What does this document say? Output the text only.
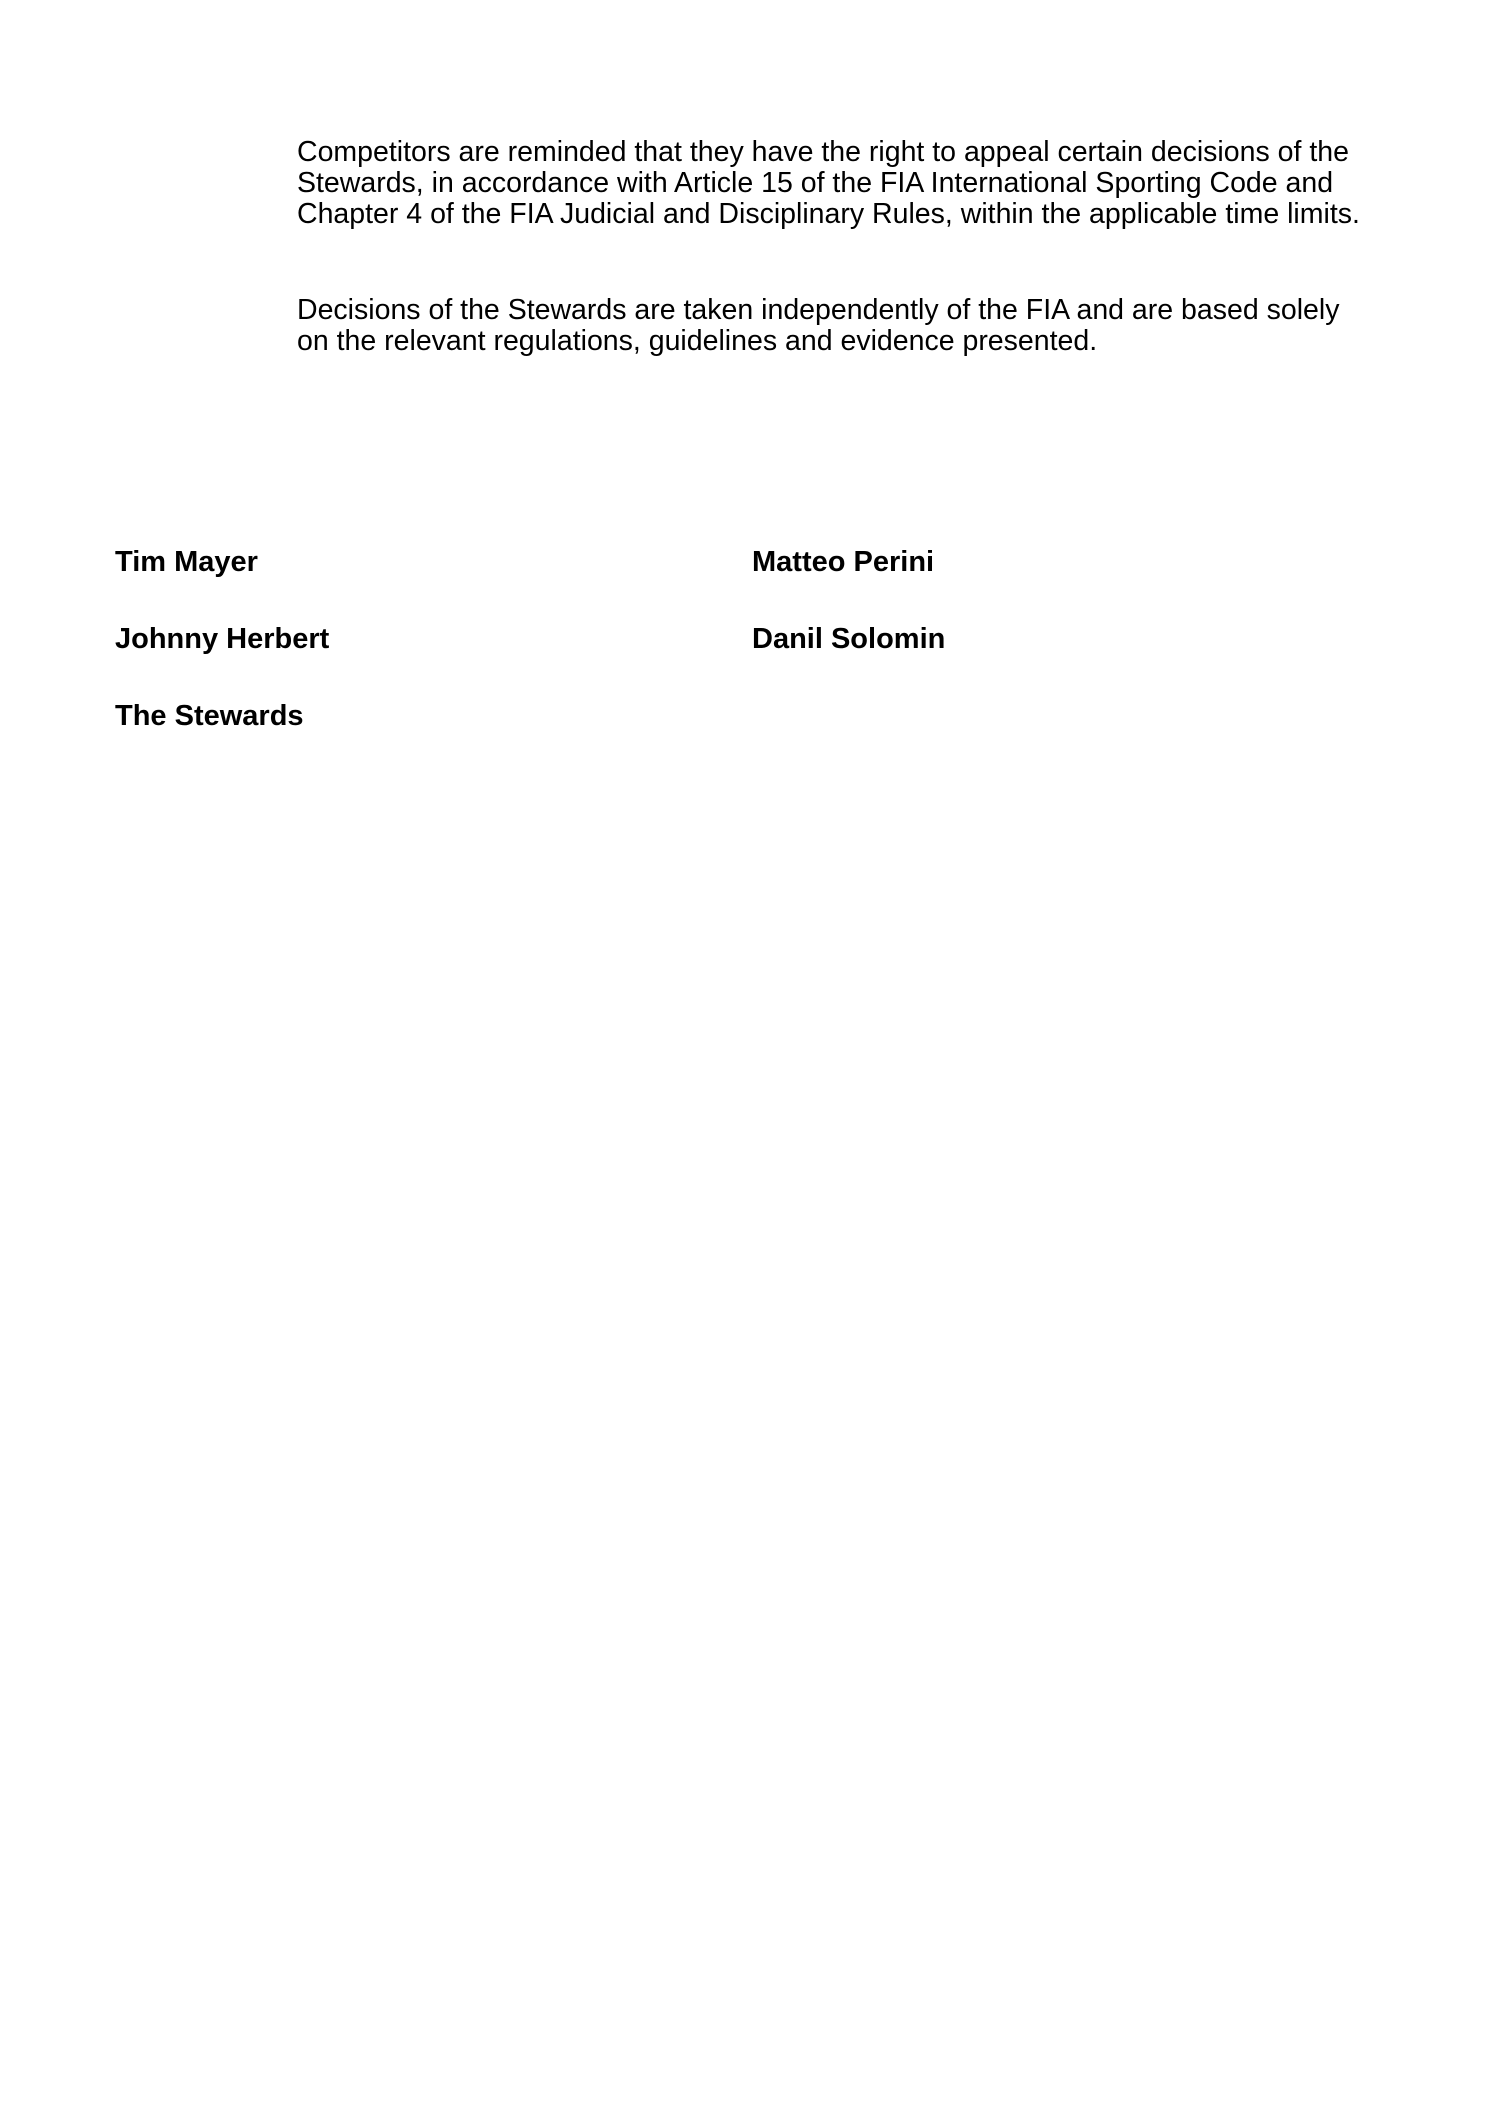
Competitors are reminded that they have the right to appeal certain decisions of the
Stewards, in accordance with Article 15 of the FIA International Sporting Code and
Chapter 4 of the FIA Judicial and Disciplinary Rules, within the applicable time limits.

Decisions of the Stewards are taken independently of the FIA and are based solely
on the relevant regulations, guidelines and evidence presented.

Tim Mayer	Matteo Perini
Johnny Herbert	Danil Solomin
The Stewards
